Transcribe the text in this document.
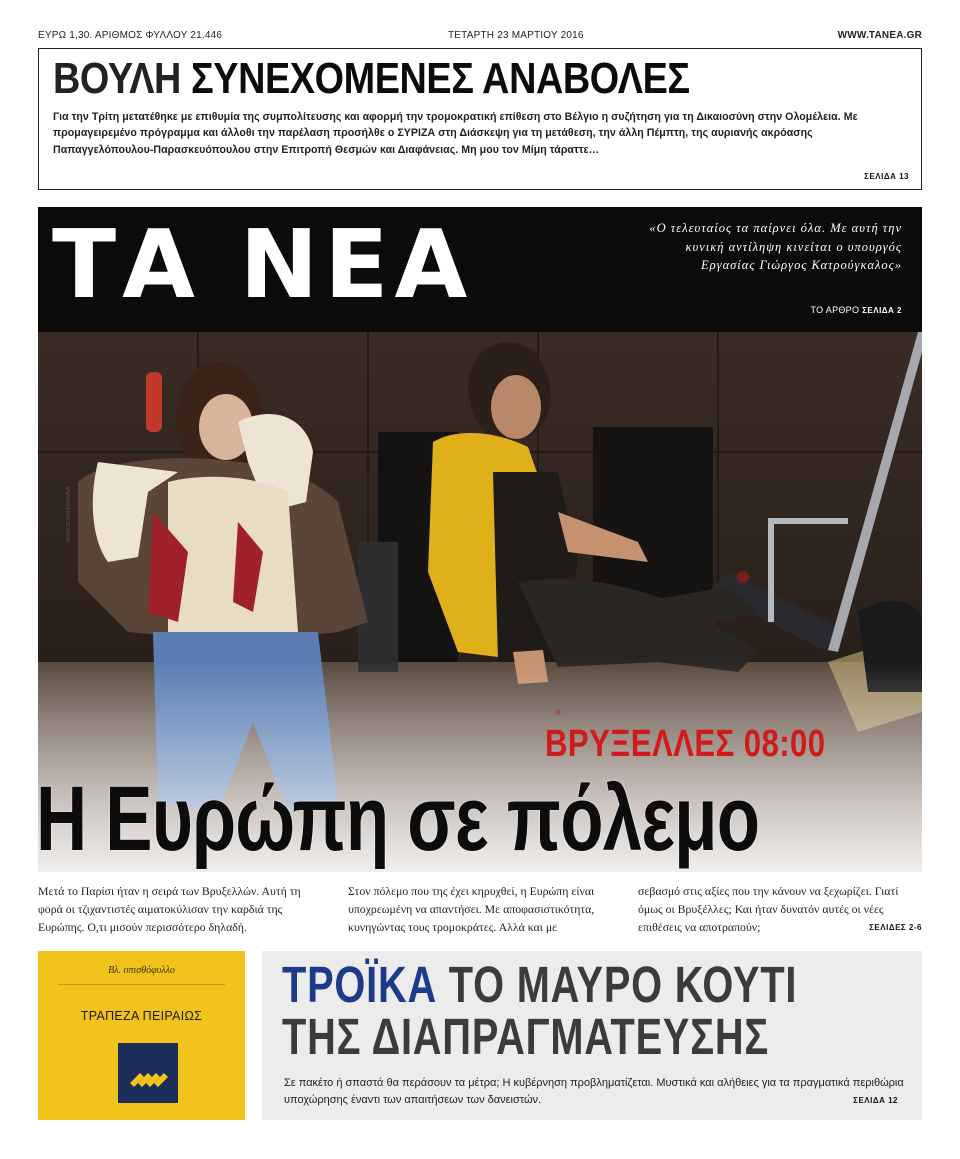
ΕΥΡΩ 1,30. ΑΡΙΘΜΟΣ ΦΥΛΛΟΥ 21.446	ΤΕΤΑΡΤΗ 23 ΜΑΡΤΙΟΥ 2016	WWW.TANEA.GR
ΒΟΥΛΗ ΣΥΝΕΧΟΜΕΝΕΣ ΑΝΑΒΟΛΕΣ

Για την Τρίτη μετατέθηκε με επιθυμία της συμπολίτευσης και αφορμή την τρομοκρατική επίθεση στο Βέλγιο η συζήτηση για τη Δικαιοσύνη στην Ολομέλεια. Με προμαγειρεμένο πρόγραμμα και άλλοθι την παρέλαση προσήλθε ο ΣΥΡΙΖΑ στη Διάσκεψη για τη μετάθεση, την άλλη Πέμπτη, της αυριανής ακρόασης Παπαγγελόπουλου-Παρασκευόπουλου στην Επιτροπή Θεσμών και Διαφάνειας. Μη μου τον Μίμη τάραττε…

ΣΕΛΙΔΑ 13
ΤΑ ΝΕΑ	«Ο τελευταίος τα παίρνει όλα. Με αυτή την κυνική αντίληψη κινείται ο υπουργός Εργασίας Γιώργος Κατρούγκαλος»
ΤΟ ΑΡΘΡΟ ΣΕΛΙΔΑ 2
AP/KETEVAN KARDAVA
ΒΡΥΞΕΛΛΕΣ 08:00
Η Ευρώπη σε πόλεμο

Μετά το Παρίσι ήταν η σειρά των Βρυξελλών. Αυτή τη φορά οι τζιχαντιστές αιματοκύλισαν την καρδιά της Ευρώπης. Ο,τι μισούν περισσότερο δηλαδή.

Στον πόλεμο που της έχει κηρυχθεί, η Ευρώπη είναι υποχρεωμένη να απαντήσει. Με αποφασιστικότητα, κυνηγώντας τους τρομοκράτες. Αλλά και με

σεβασμό στις αξίες που την κάνουν να ξεχωρίζει. Γιατί όμως οι Βρυξέλλες; Και ήταν δυνατόν αυτές οι νέες επιθέσεις να αποτραπούν;	ΣΕΛΙΔΕΣ 2-6
Βλ. οπισθόφυλλο
ΤΡΑΠΕΖΑ ΠΕΙΡΑΙΩΣ
ΤΡΟΪΚΑ ΤΟ ΜΑΥΡΟ ΚΟΥΤΙ
ΤΗΣ ΔΙΑΠΡΑΓΜΑΤΕΥΣΗΣ

Σε πακέτο ή σπαστά θα περάσουν τα μέτρα; Η κυβέρνηση προβληματίζεται. Μυστικά και αλήθειες για τα πραγματικά περιθώρια υποχώρησης έναντι των απαιτήσεων των δανειστών.	ΣΕΛΙΔΑ 12
